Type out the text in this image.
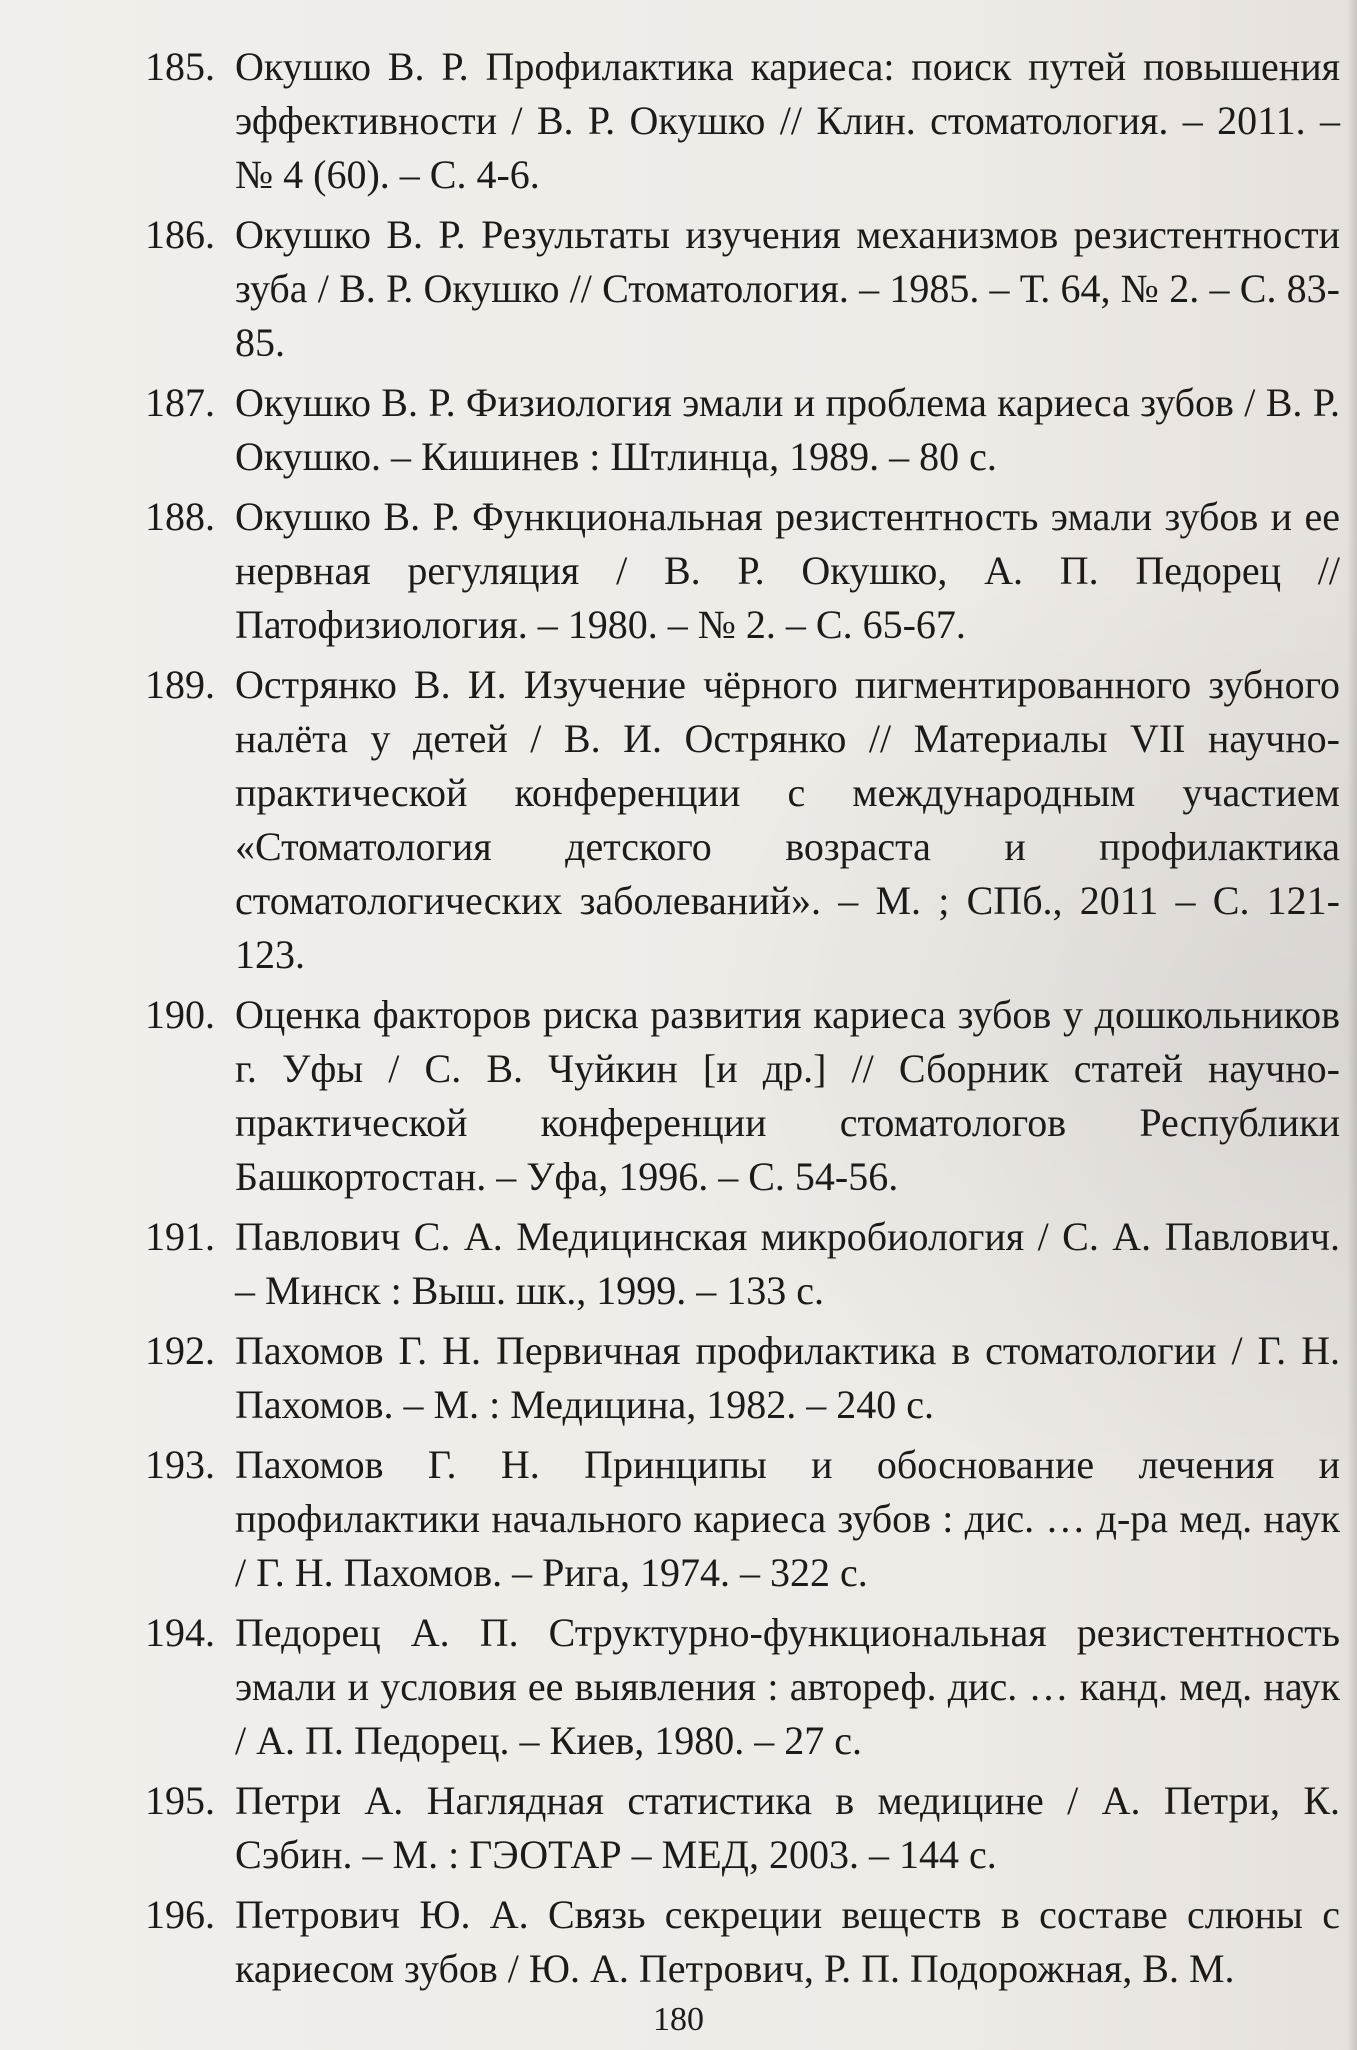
185. Окушко В. Р. Профилактика кариеса: поиск путей повышения эффективности / В. Р. Окушко // Клин. стоматология. – 2011. – № 4 (60). – С. 4-6.
186. Окушко В. Р. Результаты изучения механизмов резистентности зуба / В. Р. Окушко // Стоматология. – 1985. – Т. 64, № 2. – С. 83-85.
187. Окушко В. Р. Физиология эмали и проблема кариеса зубов / В. Р. Окушко. – Кишинев : Штлинца, 1989. – 80 с.
188. Окушко В. Р. Функциональная резистентность эмали зубов и ее нервная регуляция / В. Р. Окушко, А. П. Педорец // Патофизиология. – 1980. – № 2. – С. 65-67.
189. Острянко В. И. Изучение чёрного пигментированного зубного налёта у детей / В. И. Острянко // Материалы VII научно-практической конференции с международным участием «Стоматология детского возраста и профилактика стоматологических заболеваний». – М. ; СПб., 2011 – С. 121-123.
190. Оценка факторов риска развития кариеса зубов у дошкольников г. Уфы / С. В. Чуйкин [и др.] // Сборник статей научно-практической конференции стоматологов Республики Башкортостан. – Уфа, 1996. – С. 54-56.
191. Павлович С. А. Медицинская микробиология / С. А. Павлович. – Минск : Выш. шк., 1999. – 133 с.
192. Пахомов Г. Н. Первичная профилактика в стоматологии / Г. Н. Пахомов. – М. : Медицина, 1982. – 240 с.
193. Пахомов Г. Н. Принципы и обоснование лечения и профилактики начального кариеса зубов : дис. … д-ра мед. наук / Г. Н. Пахомов. – Рига, 1974. – 322 с.
194. Педорец А. П. Структурно-функциональная резистентность эмали и условия ее выявления : автореф. дис. … канд. мед. наук / А. П. Педорец. – Киев, 1980. – 27 с.
195. Петри А. Наглядная статистика в медицине / А. Петри, К. Сэбин. – М. : ГЭОТАР – МЕД, 2003. – 144 с.
196. Петрович Ю. А. Связь секреции веществ в составе слюны с кариесом зубов / Ю. А. Петрович, Р. П. Подорожная, В. М.
180
